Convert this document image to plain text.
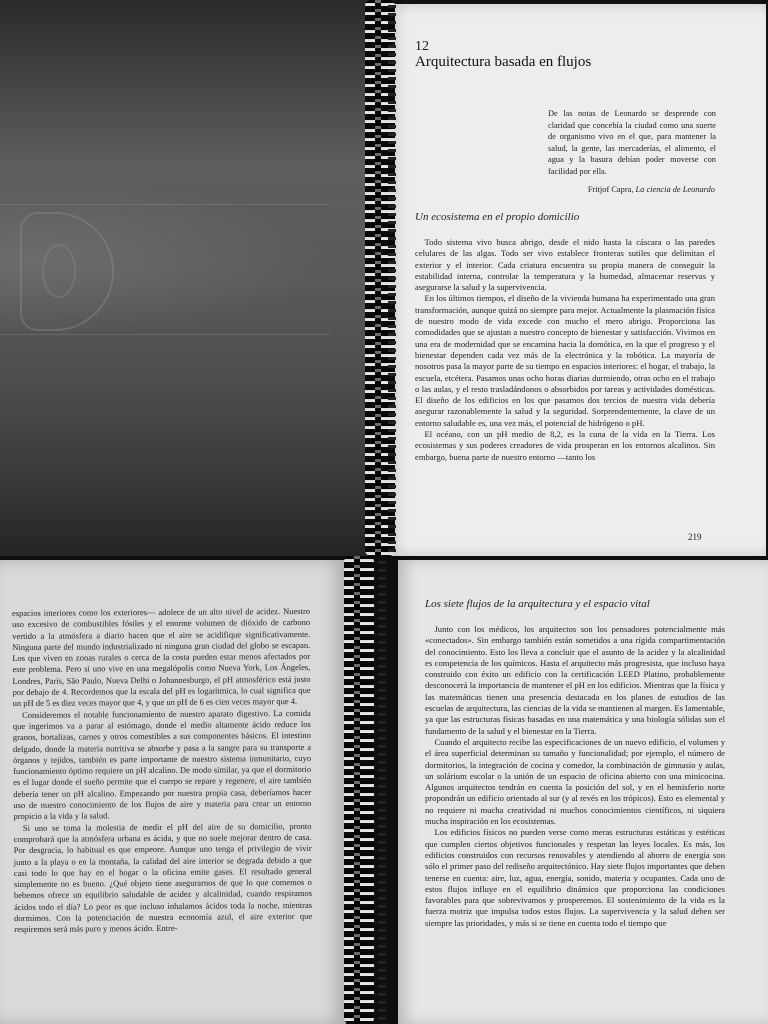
12
Arquitectura basada en flujos
De las notas de Leonardo se desprende con claridad que concebía la ciudad como una suerte de organismo vivo en el que, para mantener la salud, la gente, las mercaderías, el alimento, el agua y la basura debían poder moverse con facilidad por ella.
Fritjof Capra, La ciencia de Leonardo
Un ecosistema en el propio domicilio

Todo sistema vivo busca abrigo, desde el nido hasta la cáscara o las paredes celulares de las algas. Todo ser vivo establece fronteras sutiles que delimitan el exterior y el interior. Cada criatura encuentra su propia manera de conseguir la estabilidad interna, controlar la temperatura y la humedad, almacenar reservas y asegurarse la salud y la supervivencia.

En los últimos tiempos, el diseño de la vivienda humana ha experimentado una gran transformación, aunque quizá no siempre para mejor. Actualmente la plasmación física de nuestro modo de vida excede con mucho el mero abrigo. Proporciona las comodidades que se ajustan a nuestro concepto de bienestar y satisfacción. Vivimos en una era de modernidad que se encamina hacia la domótica, en la que el progreso y el bienestar dependen cada vez más de la electrónica y la robótica. La mayoría de nosotros pasa la mayor parte de su tiempo en espacios interiores: el hogar, el trabajo, la escuela, etcétera. Pasamos unas ocho horas diarias durmiendo, otras ocho en el trabajo o las aulas, y el resto trasladándonos o absorbidos por tareas y actividades domésticas. El diseño de los edificios en los que pasamos dos tercios de nuestra vida debería asegurar razonablemente la salud y la seguridad. Sorprendentemente, la clave de un entorno saludable es, una vez más, el potencial de hidrógeno o pH.

El océano, con un pH medio de 8,2, es la cuna de la vida en la Tierra. Los ecosistemas y sus poderes creadores de vida prosperan en los entornos alcalinos. Sin embargo, buena parte de nuestro entorno —tanto los

219

espacios interiores como los exteriores— adolece de un alto nivel de acidez. Nuestro uso excesivo de combustibles fósiles y el enorme volumen de dióxido de carbono vertido a la atmósfera a diario hacen que el aire se acidifique significativamente. Ninguna parte del mundo industrializado ni ninguna gran ciudad del globo se escapan. Los que viven en zonas rurales o cerca de la costa pueden estar menos afectados por este problema. Pero si uno vive en una megalópolis como Nueva York, Los Ángeles, Londres, París, São Paulo, Nueva Delhi o Johannesburgo, el pH atmosférico está justo por debajo de 4. Recordemos que la escala del pH es logarítmica, lo cual significa que un pH de 5 es diez veces mayor que 4, y que un pH de 6 es cien veces mayor que 4.

Consideremos el notable funcionamiento de nuestro aparato digestivo. La comida que ingerimos va a parar al estómago, donde el medio altamente ácido reduce los granos, hortalizas, carnes y otros comestibles a sus componentes básicos. El intestino delgado, donde la materia nutritiva se absorbe y pasa a la sangre para su transporte a órganos y tejidos, también es parte importante de nuestro sistema inmunitario, cuyo funcionamiento óptimo requiere un pH alcalino. De modo similar, ya que el dormitorio es el lugar donde el sueño permite que el cuerpo se repare y regenere, el aire también debería tener un pH alcalino. Empezando por nuestra propia casa, deberíamos hacer uso de nuestro conocimiento de los flujos de aire y materia para crear un entorno propicio a la vida y la salud.

Si uno se toma la molestia de medir el pH del aire de su domicilio, pronto comprobará que la atmósfera urbana es ácida, y que no suele mejorar dentro de casa. Por desgracia, lo habitual es que empeore. Aunque uno tenga el privilegio de vivir junto a la playa o en la montaña, la calidad del aire interior se degrada debido a que casi todo lo que hay en el hogar o la oficina emite gases. El resultado general simplemente no es bueno. ¿Qué objeto tiene asegurarnos de que lo que comemos o bebemos ofrece un equilibrio saludable de acidez y alcalinidad, cuando respiramos ácidos todo el día? Lo peor es que incluso inhalamos ácidos toda la noche, mientras dormimos. Con la potenciación de nuestra economía azul, el aire exterior que respiremos será más puro y menos ácido. Entre-

Los siete flujos de la arquitectura y el espacio vital

Junto con los médicos, los arquitectos son los pensadores potencialmente más «conectados». Sin embargo también están sometidos a una rígida compartimentación del conocimiento. Esto los lleva a concluir que el asunto de la acidez y la alcalinidad es competencia de los químicos. Hasta el arquitecto más progresista, que incluso haya construido con éxito un edificio con la certificación LEED Platino, probablemente desconocerá la importancia de mantener el pH en los edificios. Mientras que la física y las matemáticas tienen una presencia destacada en los planes de estudios de las escuelas de arquitectura, las ciencias de la vida se mantienen al margen. Es lamentable, ya que las estructuras físicas basadas en una matemática y una biología sólidas son el fundamento de la salud y el bienestar en la Tierra.

Cuando el arquitecto recibe las especificaciones de un nuevo edificio, el volumen y el área superficial determinan su tamaño y funcionalidad; por ejemplo, el número de dormitorios, la integración de cocina y comedor, la combinación de gimnasio y aulas, un solárium escolar o la unión de un espacio de oficina abierto con una minicocina. Algunos arquitectos tendrán en cuenta la posición del sol, y en el hemisferio norte propondrán un edificio orientado al sur (y al revés en los trópicos). Esto es elemental y no requiere ni mucha creatividad ni muchos conocimientos científicos, ni siquiera mucha inspiración en los ecosistemas.

Los edificios físicos no pueden verse como meras estructuras estáticas y estéticas que cumplen ciertos objetivos funcionales y respetan las leyes locales. Es más, los edificios construidos con recursos renovables y atendiendo al ahorro de energía son sólo el primer paso del rediseño arquitectónico. Hay siete flujos importantes que deben tenerse en cuenta: aire, luz, agua, energía, sonido, materia y ocupantes. Cada uno de estos flujos influye en el equilibrio dinámico que proporciona las condiciones favorables para que sobrevivamos y prosperemos. El sostenimiento de la vida es la fuerza motriz que impulsa todos estos flujos. La supervivencia y la salud deben ser siempre las prioridades, y más si se tiene en cuenta todo el tiempo que
